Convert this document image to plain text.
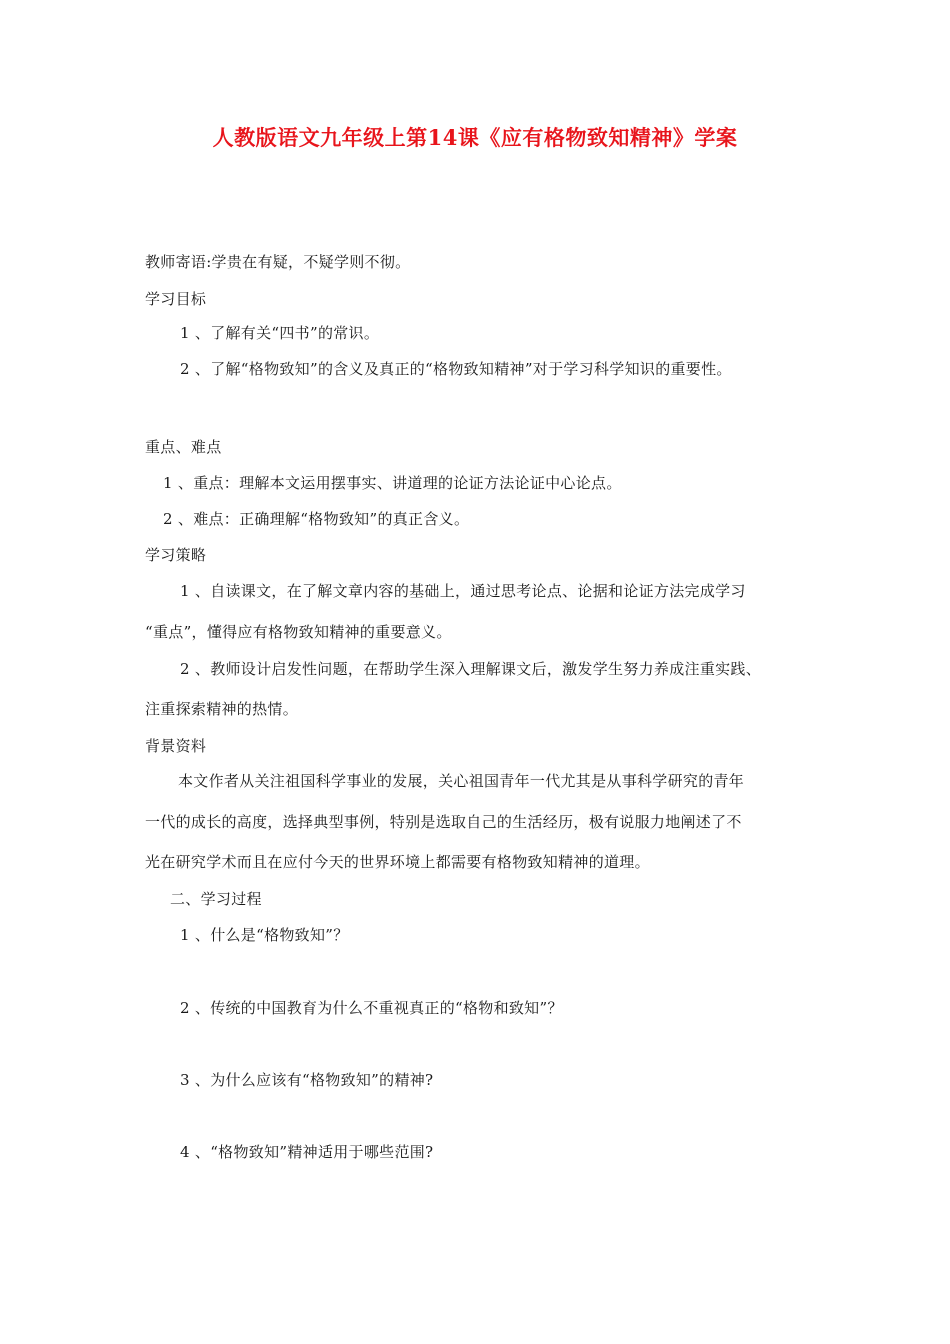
人教版语文九年级上第14课《应有格物致知精神》学案
教师寄语:学贵在有疑，不疑学则不彻。
学习目标
1 、了解有关“四书”的常识。
2 、了解“格物致知”的含义及真正的“格物致知精神”对于学习科学知识的重要性。
重点、难点
1 、重点：理解本文运用摆事实、讲道理的论证方法论证中心论点。
2 、难点：正确理解“格物致知”的真正含义。
学习策略
1 、自读课文，在了解文章内容的基础上，通过思考论点、论据和论证方法完成学习
“重点”，懂得应有格物致知精神的重要意义。
2 、教师设计启发性问题，在帮助学生深入理解课文后，激发学生努力养成注重实践、
注重探索精神的热情。
背景资料
本文作者从关注祖国科学事业的发展，关心祖国青年一代尤其是从事科学研究的青年
一代的成长的高度，选择典型事例，特别是选取自己的生活经历，极有说服力地阐述了不
光在研究学术而且在应付今天的世界环境上都需要有格物致知精神的道理。
二、学习过程
1 、什么是“格物致知”？
2 、传统的中国教育为什么不重视真正的“格物和致知”？
3 、为什么应该有“格物致知”的精神?
4 、“格物致知”精神适用于哪些范围?
